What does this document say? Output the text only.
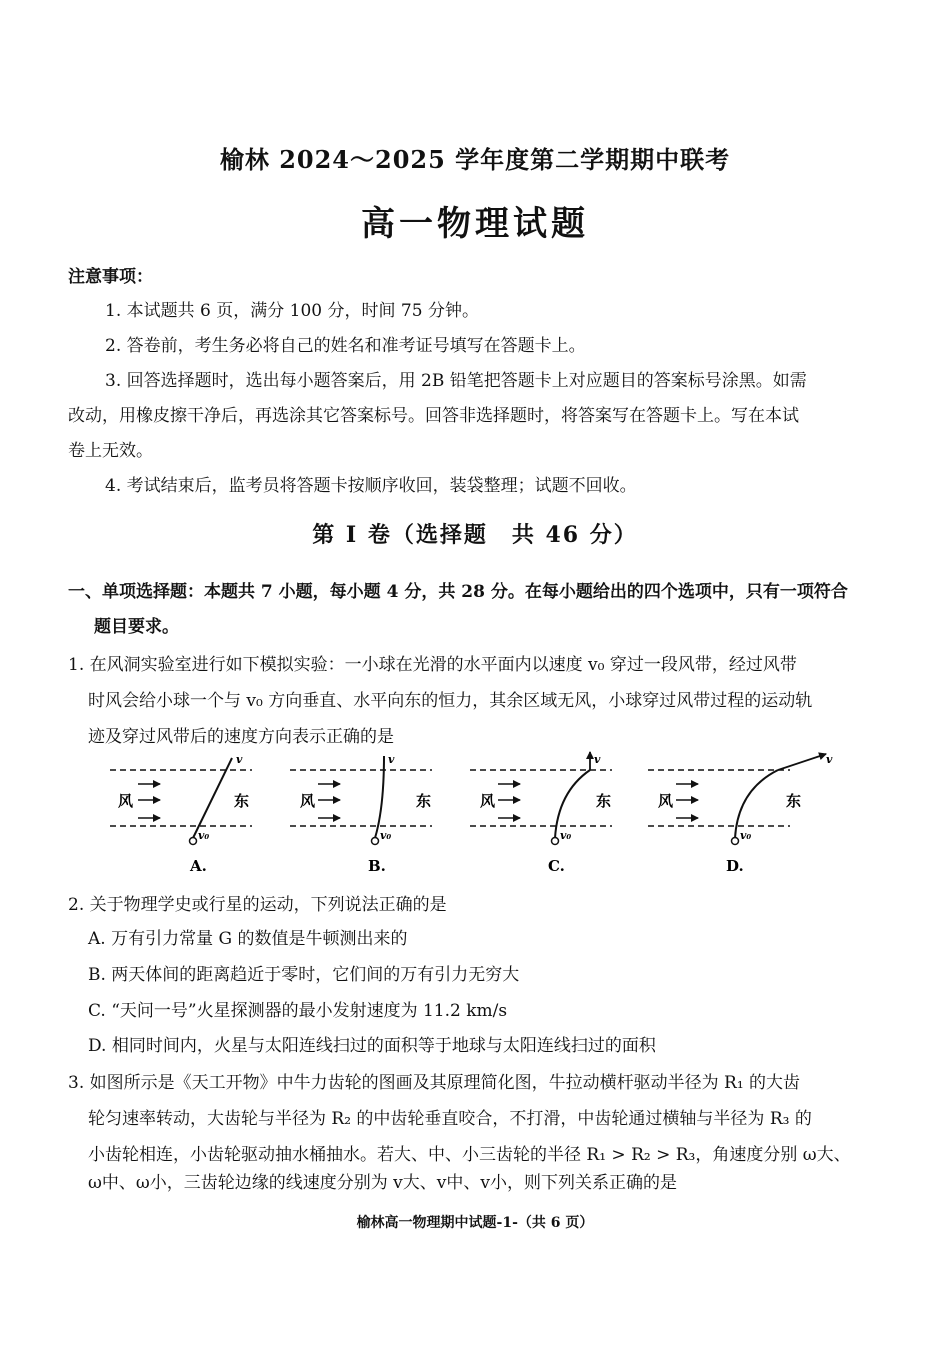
榆林 2024～2025 学年度第二学期期中联考
高一物理试题
注意事项：
1. 本试题共 6 页，满分 100 分，时间 75 分钟。
2. 答卷前，考生务必将自己的姓名和准考证号填写在答题卡上。
3. 回答选择题时，选出每小题答案后，用 2B 铅笔把答题卡上对应题目的答案标号涂黑。如需
改动，用橡皮擦干净后，再选涂其它答案标号。回答非选择题时，将答案写在答题卡上。写在本试
卷上无效。
4. 考试结束后，监考员将答题卡按顺序收回，装袋整理；试题不回收。
第 Ⅰ 卷（选择题　共 46 分）
一、单项选择题：本题共 7 小题，每小题 4 分，共 28 分。在每小题给出的四个选项中，只有一项符合
题目要求。
1. 在风洞实验室进行如下模拟实验：一小球在光滑的水平面内以速度 v₀ 穿过一段风带，经过风带
时风会给小球一个与 v₀ 方向垂直、水平向东的恒力，其余区域无风，小球穿过风带过程的运动轨
迹及穿过风带后的速度方向表示正确的是
风	东
v
v₀
A.
风	东
v
v₀
B.
风	东
v
v₀
C.
风	东
v
v₀
D.
2. 关于物理学史或行星的运动，下列说法正确的是
A. 万有引力常量 G 的数值是牛顿测出来的
B. 两天体间的距离趋近于零时，它们间的万有引力无穷大
C. “天问一号”火星探测器的最小发射速度为 11.2 km/s
D. 相同时间内，火星与太阳连线扫过的面积等于地球与太阳连线扫过的面积
3. 如图所示是《天工开物》中牛力齿轮的图画及其原理简化图，牛拉动横杆驱动半径为 R₁ 的大齿
轮匀速率转动，大齿轮与半径为 R₂ 的中齿轮垂直咬合，不打滑，中齿轮通过横轴与半径为 R₃ 的
小齿轮相连，小齿轮驱动抽水桶抽水。若大、中、小三齿轮的半径 R₁ > R₂ > R₃，角速度分别 ω大、
ω中、ω小，三齿轮边缘的线速度分别为 v大、v中、v小，则下列关系正确的是
榆林高一物理期中试题-1-（共 6 页）
